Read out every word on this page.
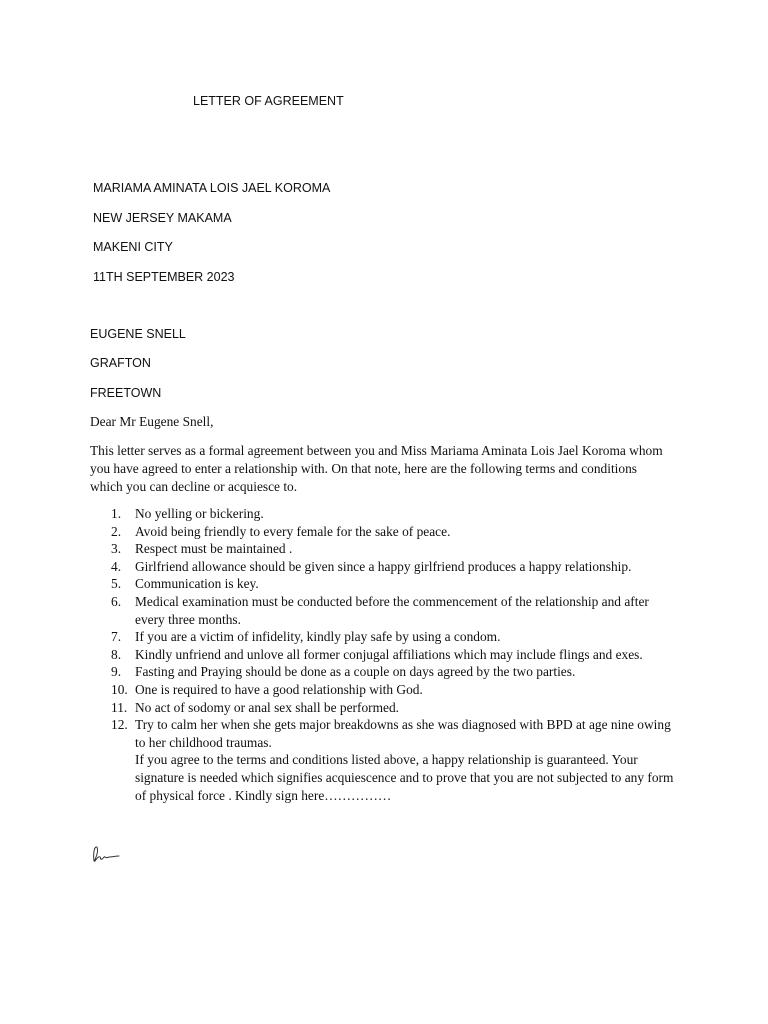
LETTER OF AGREEMENT
MARIAMA AMINATA LOIS JAEL KOROMA
NEW JERSEY MAKAMA
MAKENI CITY
11TH SEPTEMBER 2023
EUGENE SNELL
GRAFTON
FREETOWN
Dear Mr Eugene Snell,

This letter serves as a formal agreement between you and Miss Mariama Aminata Lois Jael Koroma whom you have agreed to enter a relationship with. On that note, here are the following terms and conditions which you can decline or acquiesce to.

1.	No yelling or bickering.
2.	Avoid being friendly to every female for the sake of peace.
3.	Respect must be maintained .
4.	Girlfriend allowance should be given since a happy girlfriend produces a happy relationship.
5.	Communication is key.
6.	Medical examination must be conducted before the commencement of the relationship and after every three months.
7.	If you are a victim of infidelity, kindly play safe by using a condom.
8.	Kindly unfriend and unlove all former conjugal affiliations which may include flings and exes.
9.	Fasting and Praying should be done as a couple on days agreed by the two parties.
10. One is required to have a good relationship with God.
11. No act of sodomy or anal sex shall be performed.
12. Try to calm her when she gets major breakdowns as she was diagnosed with BPD at age nine owing to her childhood traumas.
If you agree to the terms and conditions listed above, a happy relationship is guaranteed. Your signature is needed which signifies acquiescence and to prove that you are not subjected to any form of physical force . Kindly sign here……………
